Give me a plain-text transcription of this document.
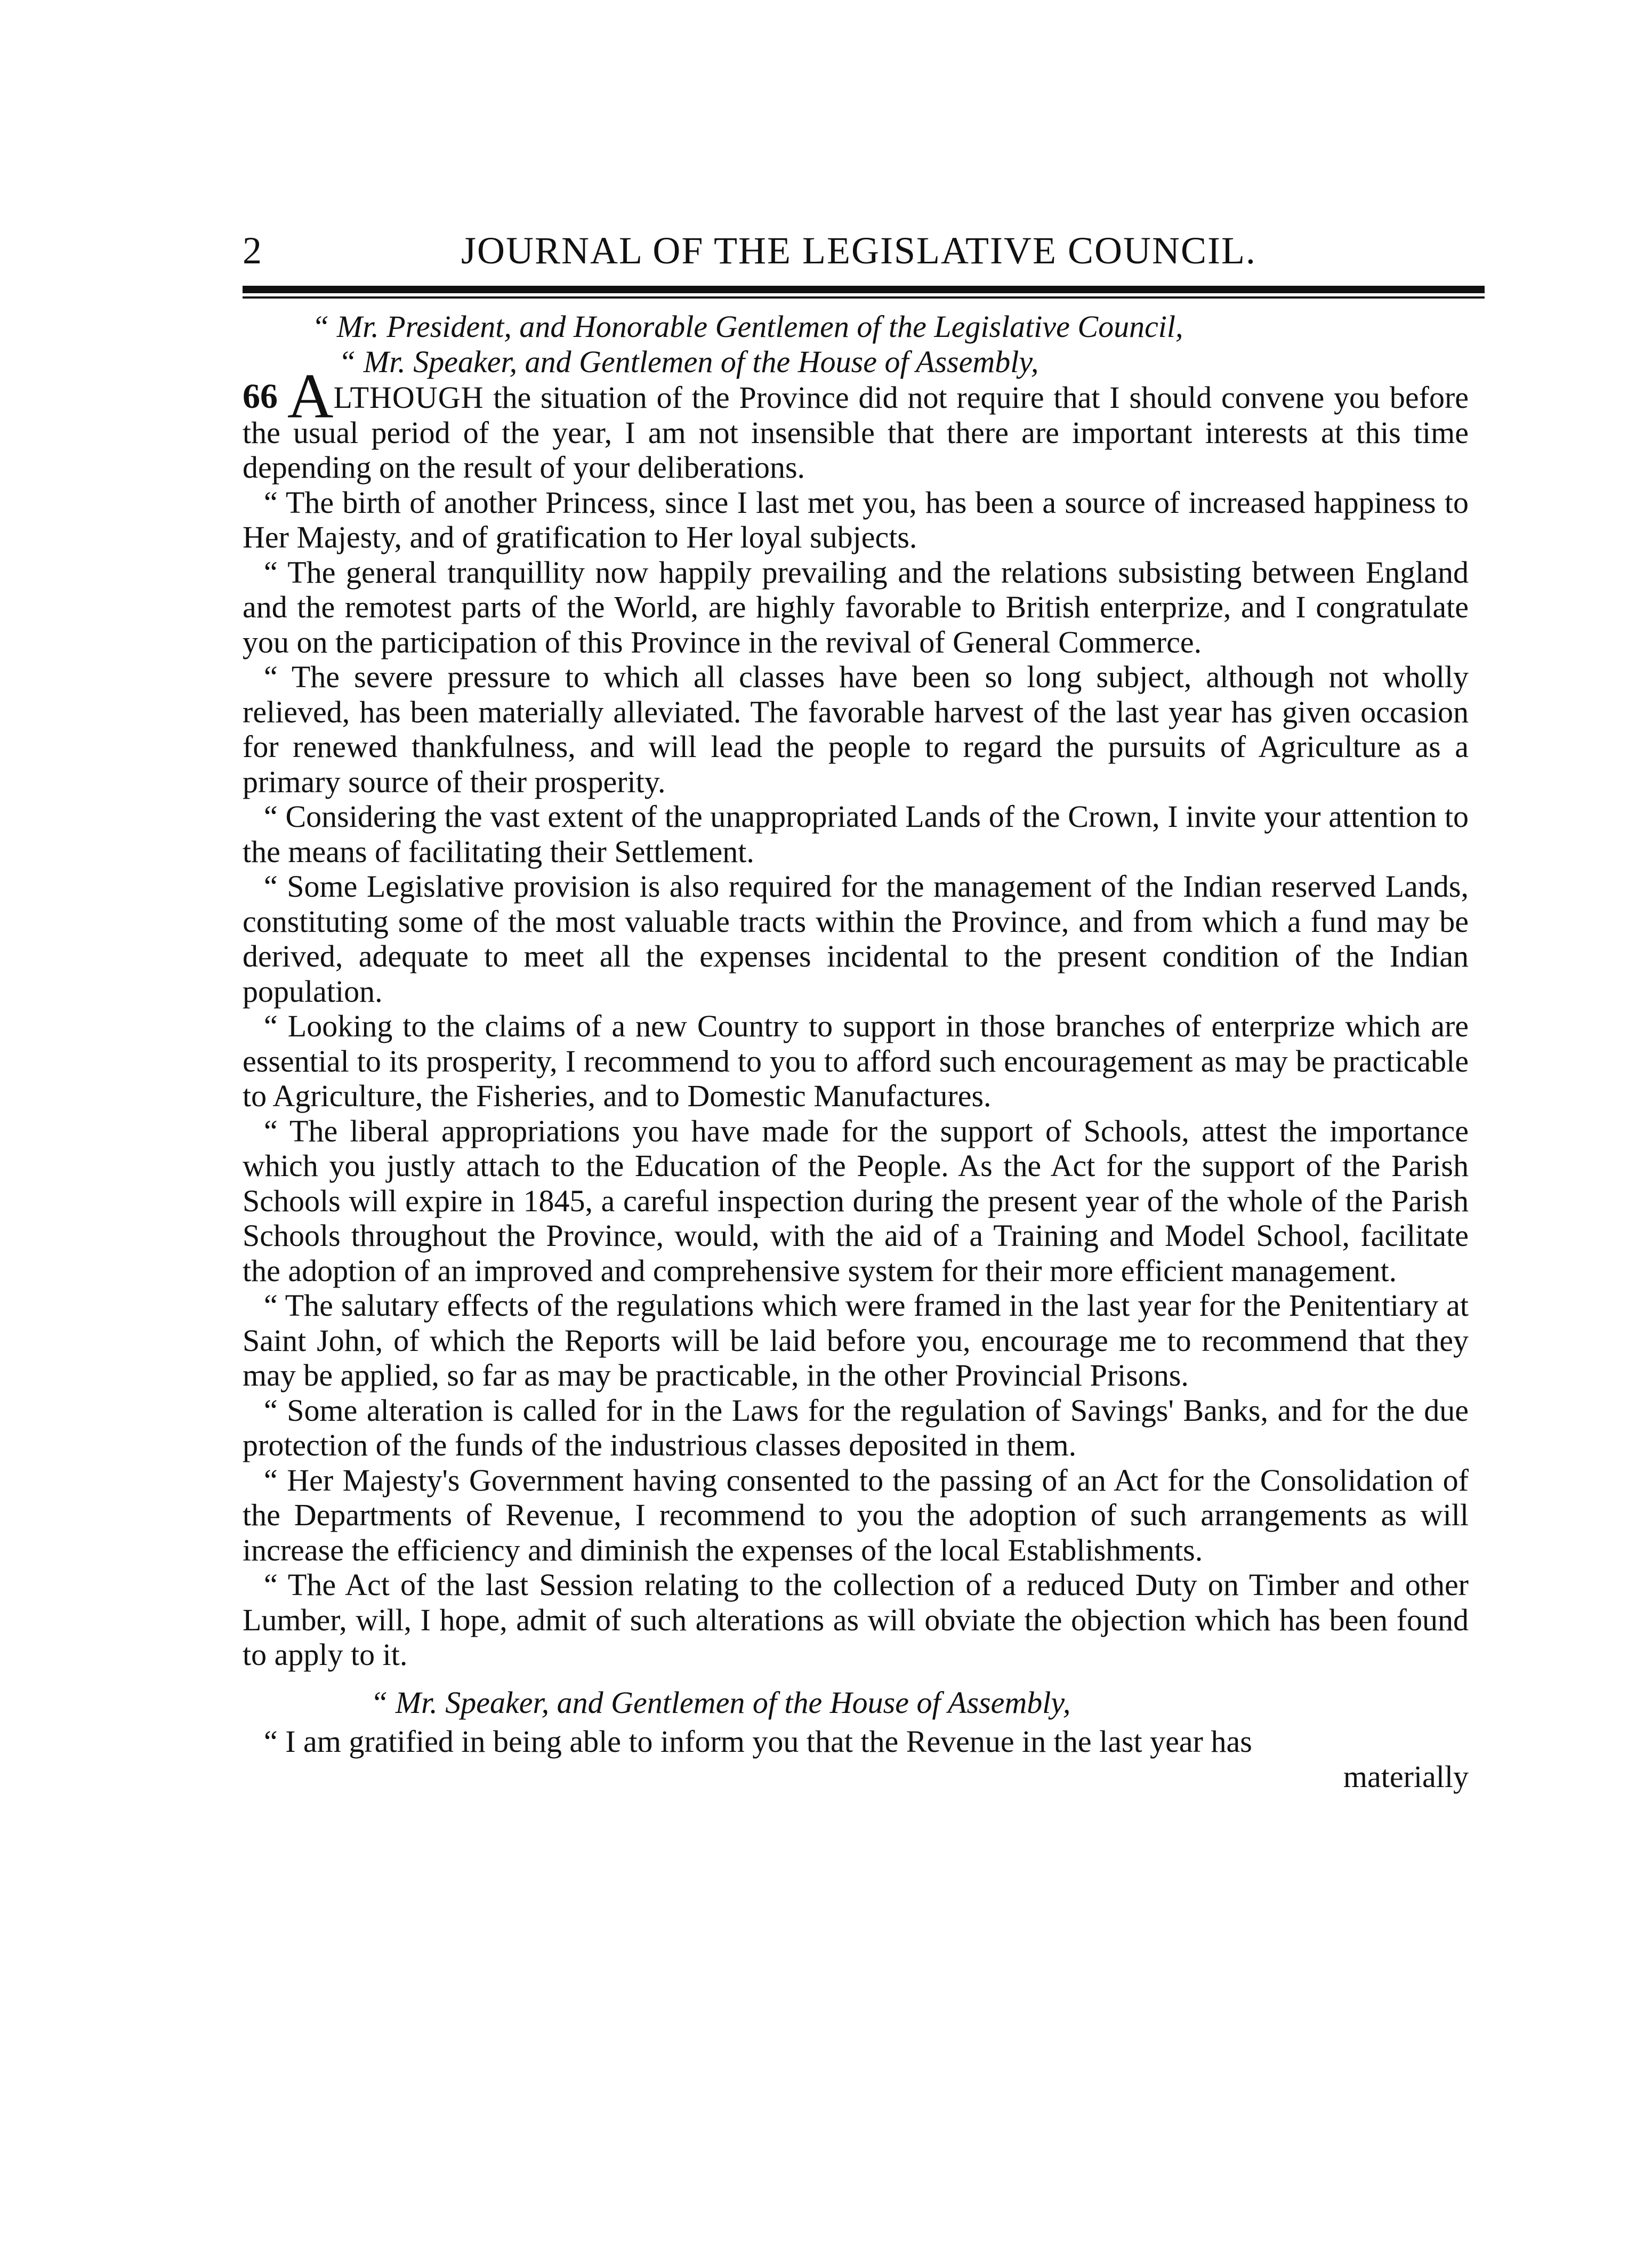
2	JOURNAL OF THE LEGISLATIVE COUNCIL.

“ Mr. President, and Honorable Gentlemen of the Legislative Council,

“ Mr. Speaker, and Gentlemen of the House of Assembly,

66 ALTHOUGH the situation of the Province did not require that I should convene you before the usual period of the year, I am not insensible that there are important interests at this time depending on the result of your deliberations.

“ The birth of another Princess, since I last met you, has been a source of increased happiness to Her Majesty, and of gratification to Her loyal subjects.

“ The general tranquillity now happily prevailing and the relations subsisting between England and the remotest parts of the World, are highly favorable to British enterprize, and I congratulate you on the participation of this Province in the revival of General Commerce.

“ The severe pressure to which all classes have been so long subject, although not wholly relieved, has been materially alleviated. The favorable harvest of the last year has given occasion for renewed thankfulness, and will lead the people to regard the pursuits of Agriculture as a primary source of their prosperity.

“ Considering the vast extent of the unappropriated Lands of the Crown, I invite your attention to the means of facilitating their Settlement.

“ Some Legislative provision is also required for the management of the Indian reserved Lands, constituting some of the most valuable tracts within the Province, and from which a fund may be derived, adequate to meet all the expenses incidental to the present condition of the Indian population.

“ Looking to the claims of a new Country to support in those branches of enterprize which are essential to its prosperity, I recommend to you to afford such encouragement as may be practicable to Agriculture, the Fisheries, and to Domestic Manufactures.

“ The liberal appropriations you have made for the support of Schools, attest the importance which you justly attach to the Education of the People. As the Act for the support of the Parish Schools will expire in 1845, a careful inspection during the present year of the whole of the Parish Schools throughout the Province, would, with the aid of a Training and Model School, facilitate the adoption of an improved and comprehensive system for their more efficient management.

“ The salutary effects of the regulations which were framed in the last year for the Penitentiary at Saint John, of which the Reports will be laid before you, encourage me to recommend that they may be applied, so far as may be practicable, in the other Provincial Prisons.

“ Some alteration is called for in the Laws for the regulation of Savings' Banks, and for the due protection of the funds of the industrious classes deposited in them.

“ Her Majesty's Government having consented to the passing of an Act for the Consolidation of the Departments of Revenue, I recommend to you the adoption of such arrangements as will increase the efficiency and diminish the expenses of the local Establishments.

“ The Act of the last Session relating to the collection of a reduced Duty on Timber and other Lumber, will, I hope, admit of such alterations as will obviate the objection which has been found to apply to it.

“ Mr. Speaker, and Gentlemen of the House of Assembly,

“ I am gratified in being able to inform you that the Revenue in the last year has

materially
